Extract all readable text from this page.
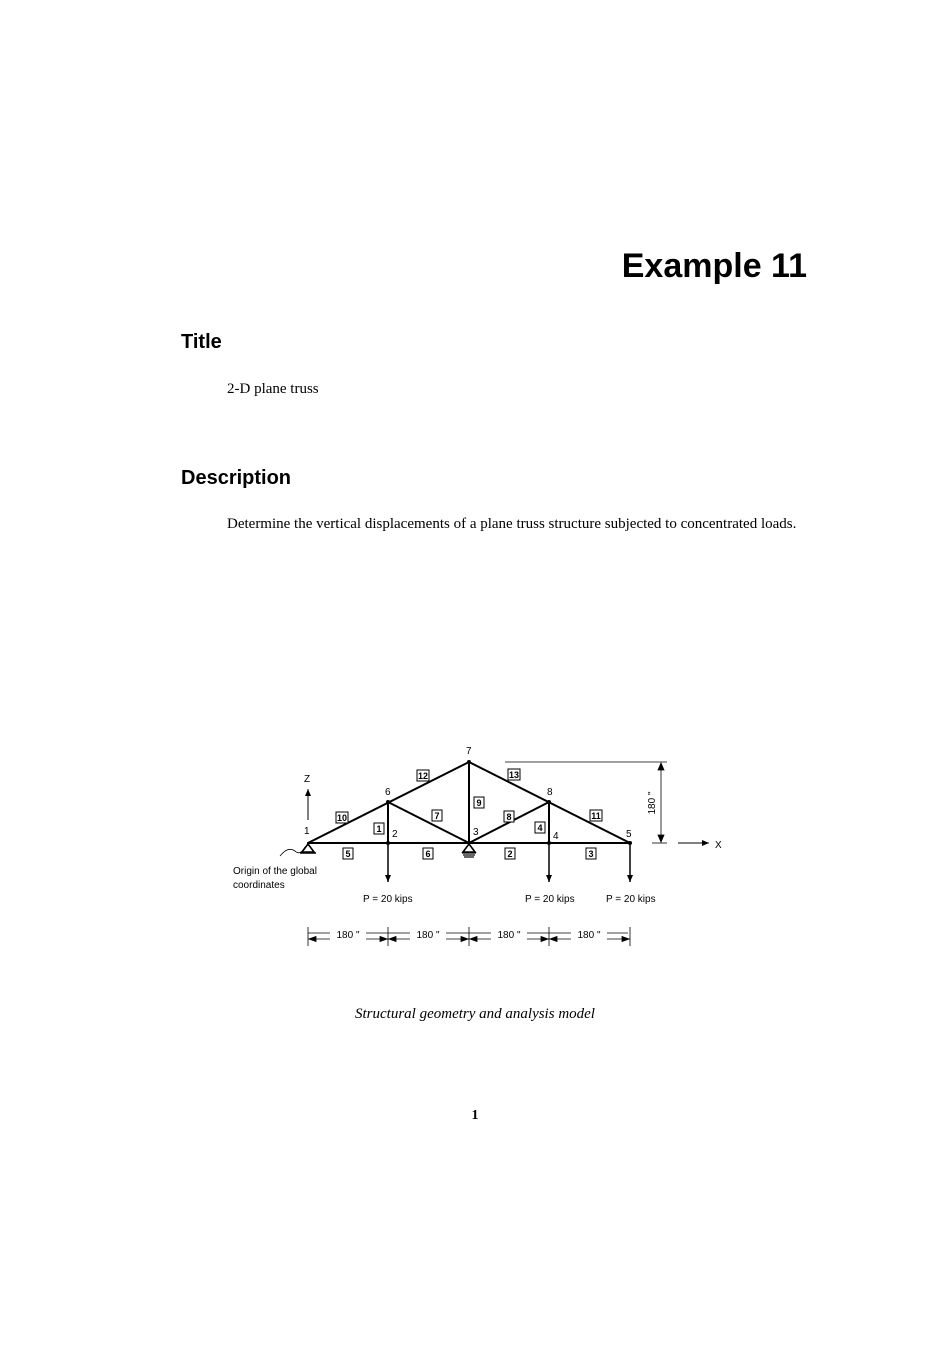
Example 11
Title

2-D plane truss

Description

Determine the vertical displacements of a plane truss structure subjected to concentrated loads.

Z
X
Origin of the global
coordinates
1	2	3	4	5
6
7
8
1
2	3
4
5	6
7	8
9
10	11
12	13
P = 20 kips	P = 20 kips	P = 20 kips
180 "
180 "	180 "	180 "	180 "

Structural geometry and analysis model

1
